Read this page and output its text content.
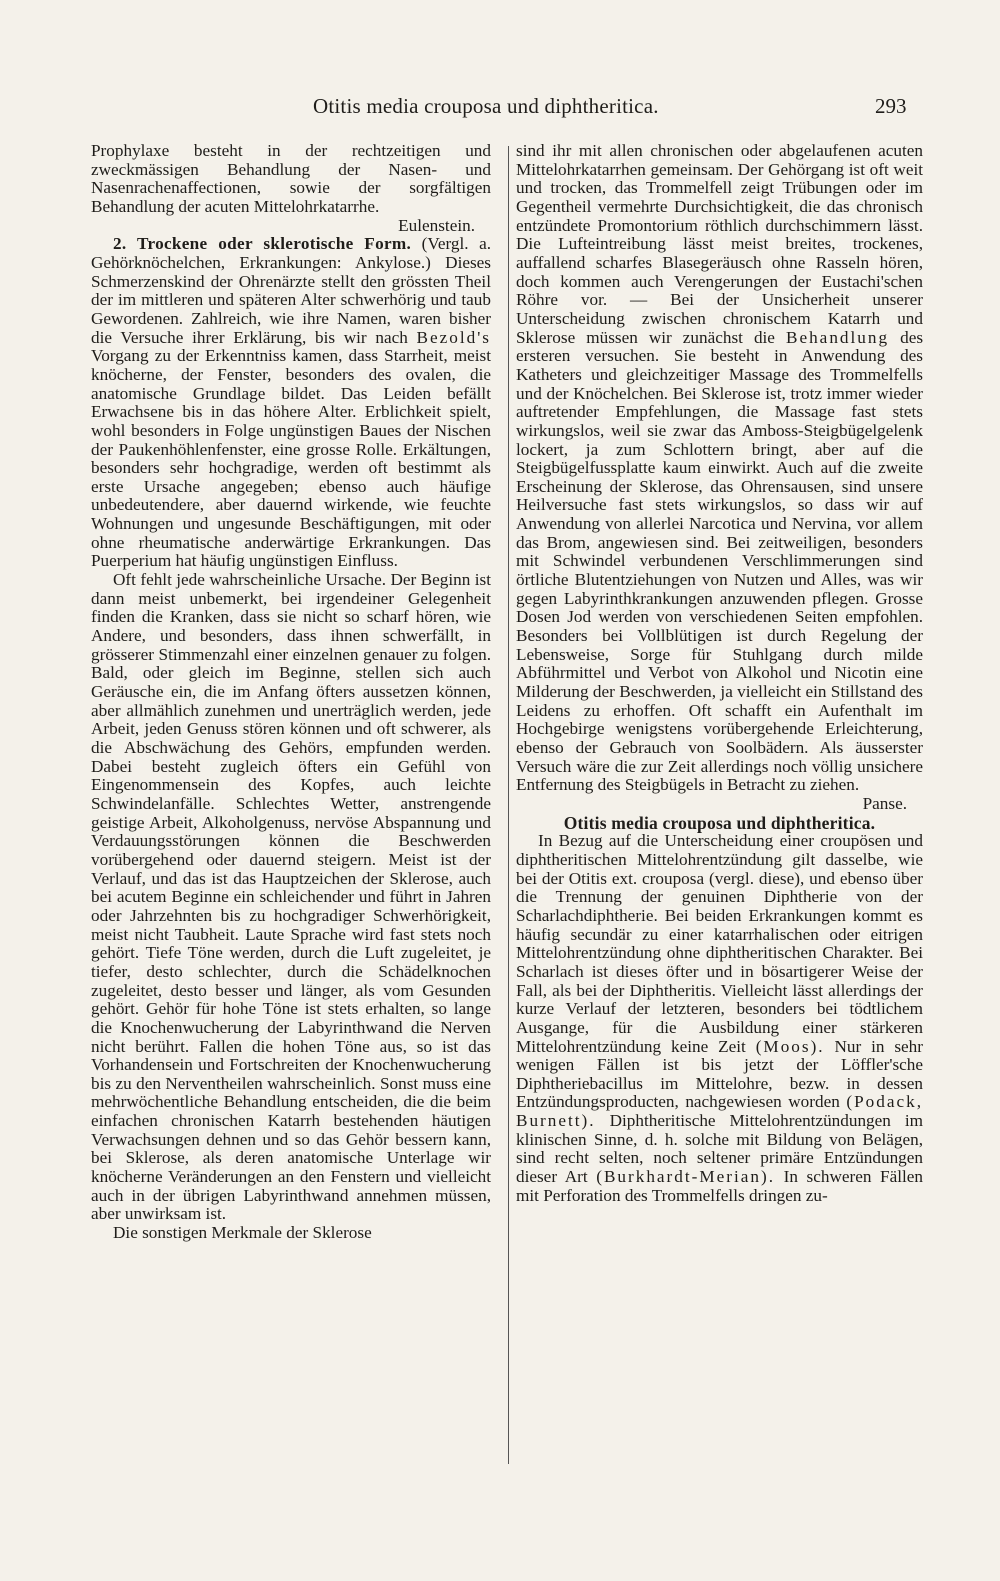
Otitis media crouposa und diphtheritica.	293

Prophylaxe besteht in der rechtzeitigen und zweckmässigen Behandlung der Nasen- und Nasenrachenaffectionen, sowie der sorgfältigen Behandlung der acuten Mittelohrkatarrhe.

Eulenstein.

2. Trockene oder sklerotische Form. (Vergl. a. Gehörknöchelchen, Erkrankungen: Ankylose.) Dieses Schmerzenskind der Ohrenärzte stellt den grössten Theil der im mittleren und späteren Alter schwerhörig und taub Gewordenen. Zahlreich, wie ihre Namen, waren bisher die Versuche ihrer Erklärung, bis wir nach Bezold's Vorgang zu der Erkenntniss kamen, dass Starrheit, meist knöcherne, der Fenster, besonders des ovalen, die anatomische Grundlage bildet. Das Leiden befällt Erwachsene bis in das höhere Alter. Erblichkeit spielt, wohl besonders in Folge ungünstigen Baues der Nischen der Paukenhöhlenfenster, eine grosse Rolle. Erkältungen, besonders sehr hochgradige, werden oft bestimmt als erste Ursache angegeben; ebenso auch häufige unbedeutendere, aber dauernd wirkende, wie feuchte Wohnungen und ungesunde Beschäftigungen, mit oder ohne rheumatische anderwärtige Erkrankungen. Das Puerperium hat häufig ungünstigen Einfluss.

Oft fehlt jede wahrscheinliche Ursache. Der Beginn ist dann meist unbemerkt, bei irgendeiner Gelegenheit finden die Kranken, dass sie nicht so scharf hören, wie Andere, und besonders, dass ihnen schwerfällt, in grösserer Stimmenzahl einer einzelnen genauer zu folgen. Bald, oder gleich im Beginne, stellen sich auch Geräusche ein, die im Anfang öfters aussetzen können, aber allmählich zunehmen und unerträglich werden, jede Arbeit, jeden Genuss stören können und oft schwerer, als die Abschwächung des Gehörs, empfunden werden. Dabei besteht zugleich öfters ein Gefühl von Eingenommensein des Kopfes, auch leichte Schwindelanfälle. Schlechtes Wetter, anstrengende geistige Arbeit, Alkoholgenuss, nervöse Abspannung und Verdauungsstörungen können die Beschwerden vorübergehend oder dauernd steigern. Meist ist der Verlauf, und das ist das Hauptzeichen der Sklerose, auch bei acutem Beginne ein schleichender und führt in Jahren oder Jahrzehnten bis zu hochgradiger Schwerhörigkeit, meist nicht Taubheit. Laute Sprache wird fast stets noch gehört. Tiefe Töne werden, durch die Luft zugeleitet, je tiefer, desto schlechter, durch die Schädelknochen zugeleitet, desto besser und länger, als vom Gesunden gehört. Gehör für hohe Töne ist stets erhalten, so lange die Knochenwucherung der Labyrinthwand die Nerven nicht berührt. Fallen die hohen Töne aus, so ist das Vorhandensein und Fortschreiten der Knochenwucherung bis zu den Nerventheilen wahrscheinlich. Sonst muss eine mehrwöchentliche Behandlung entscheiden, die die beim einfachen chronischen Katarrh bestehenden häutigen Verwachsungen dehnen und so das Gehör bessern kann, bei Sklerose, als deren anatomische Unterlage wir knöcherne Veränderungen an den Fenstern und vielleicht auch in der übrigen Labyrinthwand annehmen müssen, aber unwirksam ist.

Die sonstigen Merkmale der Sklerose

sind ihr mit allen chronischen oder abgelaufenen acuten Mittelohrkatarrhen gemeinsam. Der Gehörgang ist oft weit und trocken, das Trommelfell zeigt Trübungen oder im Gegentheil vermehrte Durchsichtigkeit, die das chronisch entzündete Promontorium röthlich durchschimmern lässt. Die Lufteintreibung lässt meist breites, trockenes, auffallend scharfes Blasegeräusch ohne Rasseln hören, doch kommen auch Verengerungen der Eustachi'schen Röhre vor. — Bei der Unsicherheit unserer Unterscheidung zwischen chronischem Katarrh und Sklerose müssen wir zunächst die Behandlung des ersteren versuchen. Sie besteht in Anwendung des Katheters und gleichzeitiger Massage des Trommelfells und der Knöchelchen. Bei Sklerose ist, trotz immer wieder auftretender Empfehlungen, die Massage fast stets wirkungslos, weil sie zwar das Amboss-Steigbügelgelenk lockert, ja zum Schlottern bringt, aber auf die Steigbügelfussplatte kaum einwirkt. Auch auf die zweite Erscheinung der Sklerose, das Ohrensausen, sind unsere Heilversuche fast stets wirkungslos, so dass wir auf Anwendung von allerlei Narcotica und Nervina, vor allem das Brom, angewiesen sind. Bei zeitweiligen, besonders mit Schwindel verbundenen Verschlimmerungen sind örtliche Blutentziehungen von Nutzen und Alles, was wir gegen Labyrinthkrankungen anzuwenden pflegen. Grosse Dosen Jod werden von verschiedenen Seiten empfohlen. Besonders bei Vollblütigen ist durch Regelung der Lebensweise, Sorge für Stuhlgang durch milde Abführmittel und Verbot von Alkohol und Nicotin eine Milderung der Beschwerden, ja vielleicht ein Stillstand des Leidens zu erhoffen. Oft schafft ein Aufenthalt im Hochgebirge wenigstens vorübergehende Erleichterung, ebenso der Gebrauch von Soolbädern. Als äusserster Versuch wäre die zur Zeit allerdings noch völlig unsichere Entfernung des Steigbügels in Betracht zu ziehen.

Panse.

Otitis media crouposa und diphtheritica.

In Bezug auf die Unterscheidung einer croupösen und diphtheritischen Mittelohrentzündung gilt dasselbe, wie bei der Otitis ext. crouposa (vergl. diese), und ebenso über die Trennung der genuinen Diphtherie von der Scharlachdiphtherie. Bei beiden Erkrankungen kommt es häufig secundär zu einer katarrhalischen oder eitrigen Mittelohrentzündung ohne diphtheritischen Charakter. Bei Scharlach ist dieses öfter und in bösartigerer Weise der Fall, als bei der Diphtheritis. Vielleicht lässt allerdings der kurze Verlauf der letzteren, besonders bei tödtlichem Ausgange, für die Ausbildung einer stärkeren Mittelohrentzündung keine Zeit (Moos). Nur in sehr wenigen Fällen ist bis jetzt der Löffler'sche Diphtheriebacillus im Mittelohre, bezw. in dessen Entzündungsproducten, nachgewiesen worden (Podack, Burnett). Diphtheritische Mittelohrentzündungen im klinischen Sinne, d. h. solche mit Bildung von Belägen, sind recht selten, noch seltener primäre Entzündungen dieser Art (Burkhardt-Merian). In schweren Fällen mit Perforation des Trommelfells dringen zu-
